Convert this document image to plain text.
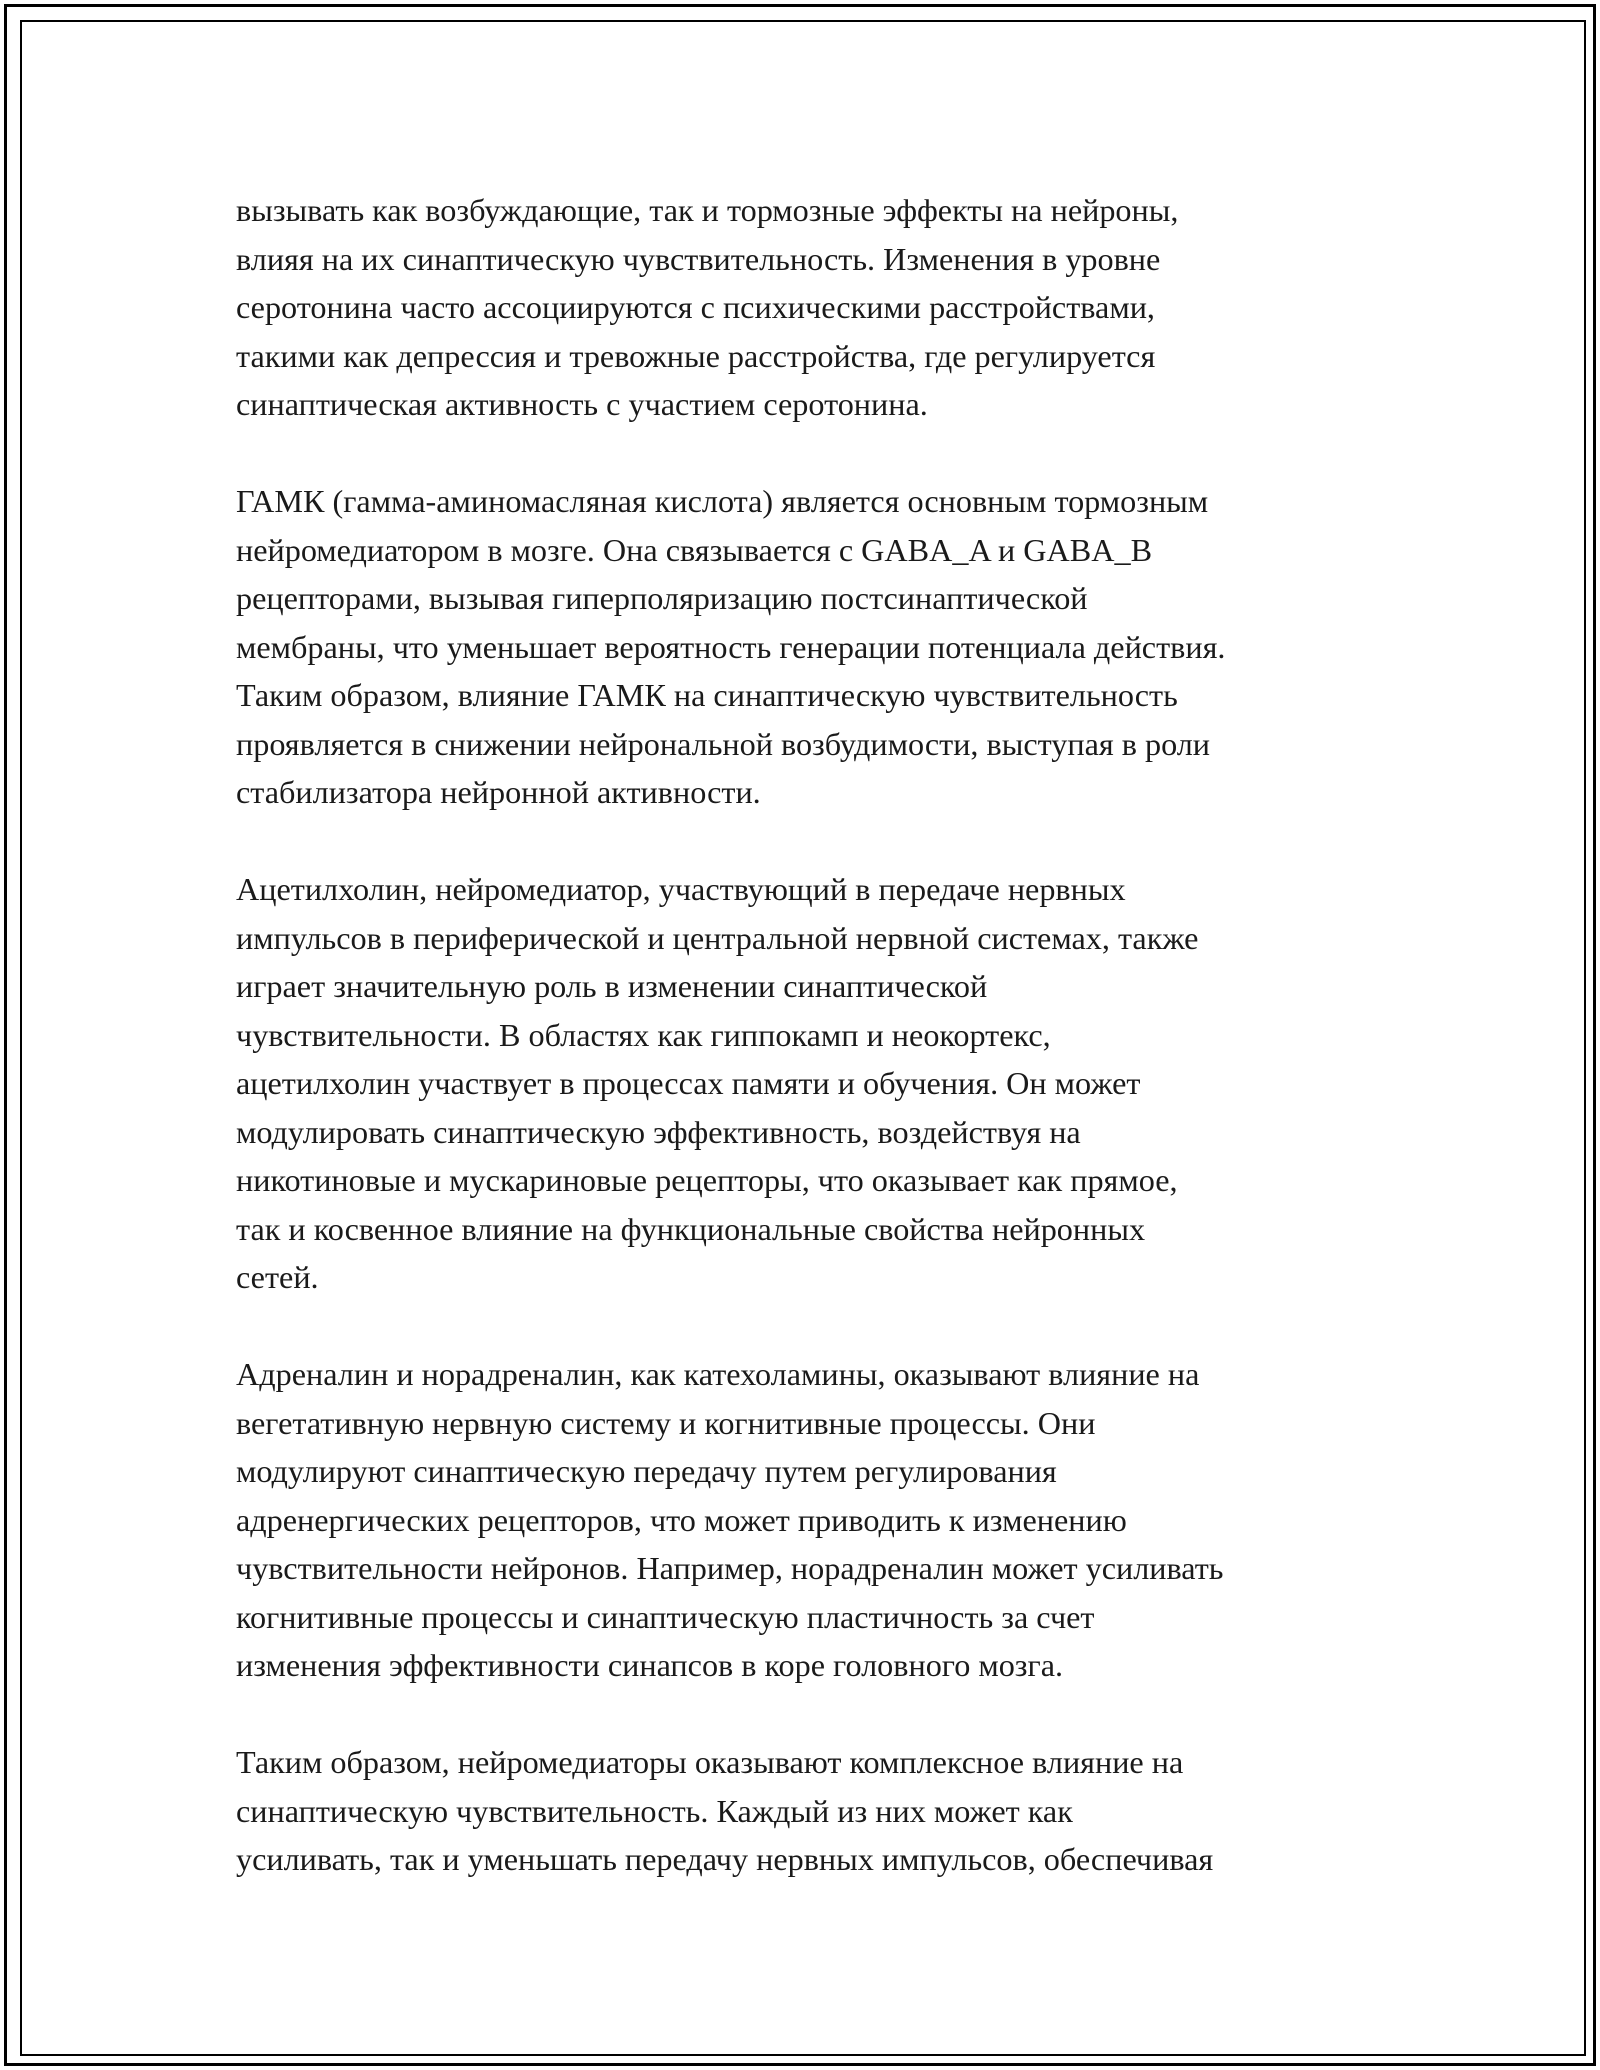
вызывать как возбуждающие, так и тормозные эффекты на нейроны,
влияя на их синаптическую чувствительность. Изменения в уровне
серотонина часто ассоциируются с психическими расстройствами,
такими как депрессия и тревожные расстройства, где регулируется
синаптическая активность с участием серотонина.

ГАМК (гамма-аминомасляная кислота) является основным тормозным
нейромедиатором в мозге. Она связывается с GABA_A и GABA_B
рецепторами, вызывая гиперполяризацию постсинаптической
мембраны, что уменьшает вероятность генерации потенциала действия.
Таким образом, влияние ГАМК на синаптическую чувствительность
проявляется в снижении нейрональной возбудимости, выступая в роли
стабилизатора нейронной активности.

Ацетилхолин, нейромедиатор, участвующий в передаче нервных
импульсов в периферической и центральной нервной системах, также
играет значительную роль в изменении синаптической
чувствительности. В областях как гиппокамп и неокортекс,
ацетилхолин участвует в процессах памяти и обучения. Он может
модулировать синаптическую эффективность, воздействуя на
никотиновые и мускариновые рецепторы, что оказывает как прямое,
так и косвенное влияние на функциональные свойства нейронных
сетей.

Адреналин и норадреналин, как катехоламины, оказывают влияние на
вегетативную нервную систему и когнитивные процессы. Они
модулируют синаптическую передачу путем регулирования
адренергических рецепторов, что может приводить к изменению
чувствительности нейронов. Например, норадреналин может усиливать
когнитивные процессы и синаптическую пластичность за счет
изменения эффективности синапсов в коре головного мозга.

Таким образом, нейромедиаторы оказывают комплексное влияние на
синаптическую чувствительность. Каждый из них может как
усиливать, так и уменьшать передачу нервных импульсов, обеспечивая
